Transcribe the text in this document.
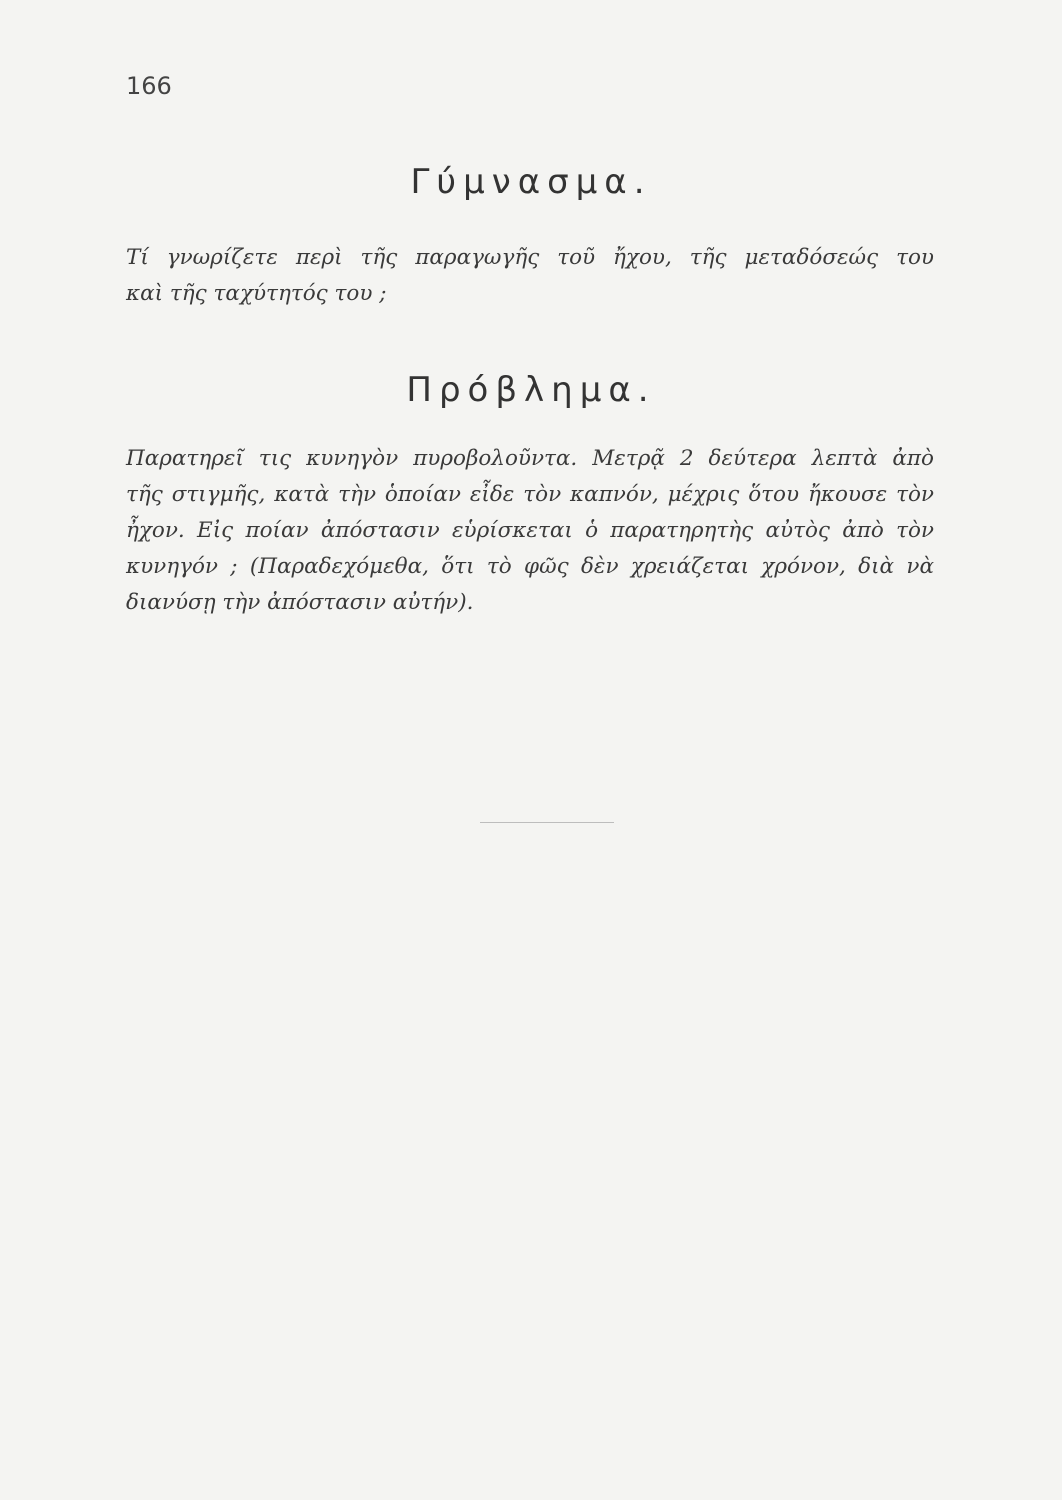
166
Γύμνασμα.
Τί γνωρίζετε περὶ τῆς παραγωγῆς τοῦ ἤχου, τῆς μεταδόσεώς του
καὶ τῆς ταχύτητός του ;
Πρόβλημα.
Παρατηρεῖ τις κυνηγὸν πυροβολοῦντα. Μετρᾷ 2 δεύτερα λεπτὰ ἀπὸ
τῆς στιγμῆς, κατὰ τὴν ὁποίαν εἶδε τὸν καπνόν, μέχρις ὅτου ἤκουσε τὸν
ἦχον. Εἰς ποίαν ἀπόστασιν εὑρίσκεται ὁ παρατηρητὴς αὐτὸς ἀπὸ τὸν
κυνηγόν ; (Παραδεχόμεθα, ὅτι τὸ φῶς δὲν χρειάζεται χρόνον, διὰ νὰ
διανύσῃ τὴν ἀπόστασιν αὐτήν).
